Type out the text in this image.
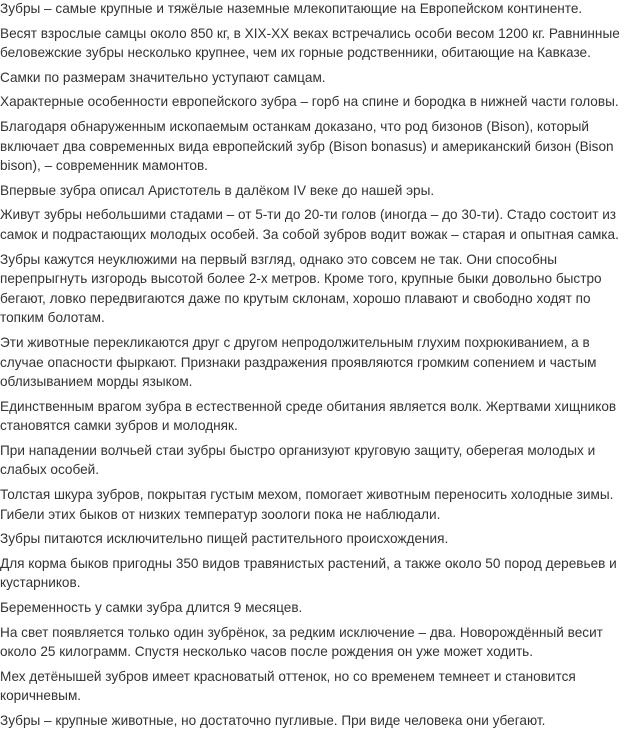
Зубры – самые крупные и тяжёлые наземные млекопитающие на Европейском континенте.

Весят взрослые самцы около 850 кг, в XIX-XX веках встречались особи весом 1200 кг. Равнинные беловежские зубры несколько крупнее, чем их горные родственники, обитающие на Кавказе.

Самки по размерам значительно уступают самцам.

Характерные особенности европейского зубра – горб на спине и бородка в нижней части головы.

Благодаря обнаруженным ископаемым останкам доказано, что род бизонов (Bison), который включает два современных вида европейский зубр (Bison bonasus) и американский бизон (Bison bison), – современник мамонтов.

Впервые зубра описал Аристотель в далёком IV веке до нашей эры.

Живут зубры небольшими стадами – от 5-ти до 20-ти голов (иногда – до 30-ти). Стадо состоит из самок и подрастающих молодых особей. За собой зубров водит вожак – старая и опытная самка.

Зубры кажутся неуклюжими на первый взгляд, однако это совсем не так. Они способны перепрыгнуть изгородь высотой более 2-х метров. Кроме того, крупные быки довольно быстро бегают, ловко передвигаются даже по крутым склонам, хорошо плавают и свободно ходят по топким болотам.

Эти животные перекликаются друг с другом непродолжительным глухим похрюкиванием, а в случае опасности фыркают. Признаки раздражения проявляются громким сопением и частым облизыванием морды языком.

Единственным врагом зубра в естественной среде обитания является волк. Жертвами хищников становятся самки зубров и молодняк.

При нападении волчьей стаи зубры быстро организуют круговую защиту, оберегая молодых и слабых особей.

Толстая шкура зубров, покрытая густым мехом, помогает животным переносить холодные зимы. Гибели этих быков от низких температур зоологи пока не наблюдали.

Зубры питаются исключительно пищей растительного происхождения.

Для корма быков пригодны 350 видов травянистых растений, а также около 50 пород деревьев и кустарников.

Беременность у самки зубра длится 9 месяцев.

На свет появляется только один зубрёнок, за редким исключение – два. Новорождённый весит около 25 килограмм. Спустя несколько часов после рождения он уже может ходить.

Мех детёнышей зубров имеет красноватый оттенок, но со временем темнеет и становится коричневым.

Зубры – крупные животные, но достаточно пугливые. При виде человека они убегают.
